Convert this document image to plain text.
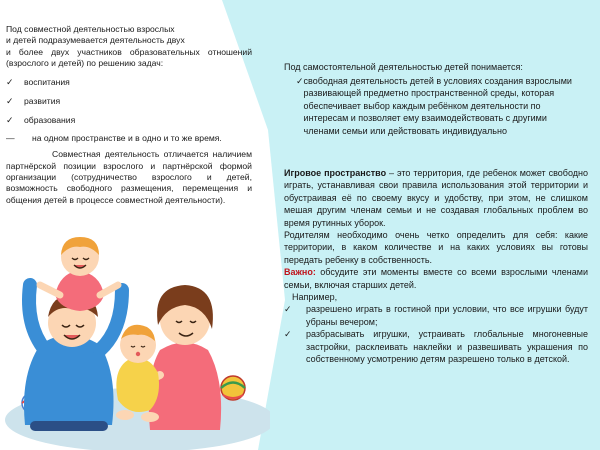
Под совместной деятельностью взрослых

и детей подразумевается деятельность двух

и более двух участников образовательных отношений (взрослого и детей) по решению задач:

✓	воспитания
✓	развития
✓	образования
—	на одном пространстве и в одно и то же время.

Совместная деятельность отличается наличием партнёрской позиции взрослого и партнёрской формой организации (сотрудничество взрослого и детей, возможность свободного размещения, перемещения и общения детей в процессе совместной деятельности).

Под самостоятельной деятельностью детей понимается:

✓ свободная деятельность детей в условиях создания взрослыми развивающей предметно пространственной среды, которая обеспечивает выбор каждым ребёнком деятельности по интересам и позволяет ему взаимодействовать с другими членами семьи или действовать индивидуально

Игровое пространство – это территория, где ребенок может свободно играть, устанавливая свои правила использования этой территории и обустраивая её по своему вкусу и удобству, при этом, не слишком мешая другим членам семьи и не создавая глобальных проблем во время рутинных уборок.

Родителям необходимо очень четко определить для себя: какие территории, в каком количестве и на каких условиях вы готовы передать ребенку в собственность.

Важно: обсудите эти моменты вместе со всеми взрослыми членами семьи, включая старших детей.

Например,

✓	разрешено играть в гостиной при условии, что все игрушки будут убраны вечером;
✓	разбрасывать игрушки, устраивать глобальные многоневные застройки, расклеивать наклейки и развешивать украшения по собственному усмотрению детям разрешено только в детской.
